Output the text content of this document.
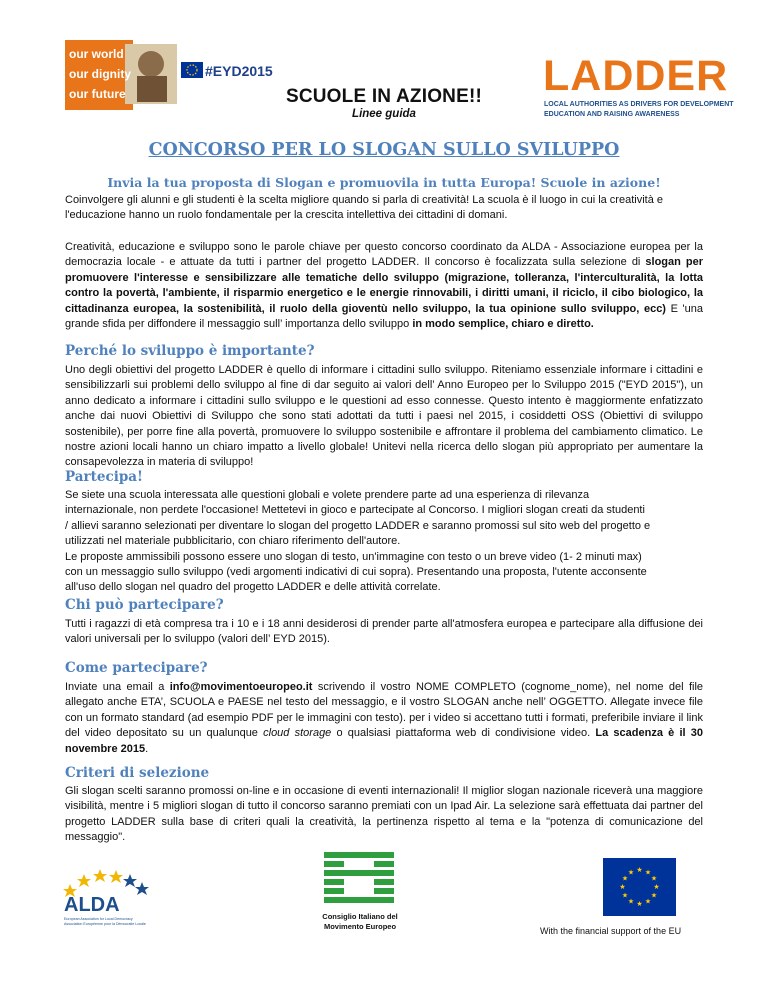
our world
our dignity
our future
#EYD2015	LADDER
LOCAL AUTHORITIES AS DRIVERS FOR DEVELOPMENT
EDUCATION AND RAISING AWARENESS
SCUOLE IN AZIONE!!
Linee guida
CONCORSO PER LO SLOGAN SULLO SVILUPPO
Invia la tua proposta di Slogan e promuovila in tutta Europa! Scuole in azione!
Coinvolgere gli alunni e gli studenti è la scelta migliore quando si parla di creatività! La scuola è il luogo in cui la creatività e l'educazione hanno un ruolo fondamentale per la crescita intellettiva dei cittadini di domani.
Creatività, educazione e sviluppo sono le parole chiave per questo concorso coordinato da ALDA - Associazione europea per la democrazia locale - e attuate da tutti i partner del progetto LADDER. Il concorso è focalizzata sulla selezione di slogan per promuovere l'interesse e sensibilizzare alle tematiche dello sviluppo (migrazione, tolleranza, l'interculturalità, la lotta contro la povertà, l'ambiente, il risparmio energetico e le energie rinnovabili, i diritti umani, il riciclo, il cibo biologico, la cittadinanza europea, la sostenibilità, il ruolo della gioventù nello sviluppo, la tua opinione sullo sviluppo, ecc) E 'una grande sfida per diffondere il messaggio sull’ importanza dello sviluppo in modo semplice, chiaro e diretto.
Perché lo sviluppo è importante?
Uno degli obiettivi del progetto LADDER è quello di informare i cittadini sullo sviluppo. Riteniamo essenziale informare i cittadini e sensibilizzarli sui problemi dello sviluppo al fine di dar seguito ai valori dell’ Anno Europeo per lo Sviluppo 2015 ("EYD 2015"), un anno dedicato a informare i cittadini sullo sviluppo e le questioni ad esso connesse. Questo intento è maggiormente enfatizzato anche dai nuovi Obiettivi di Sviluppo che sono stati adottati da tutti i paesi nel 2015, i cosiddetti OSS (Obiettivi di sviluppo sostenibile), per porre fine alla povertà, promuovere lo sviluppo sostenibile e affrontare il problema del cambiamento climatico. Le nostre azioni locali hanno un chiaro impatto a livello globale! Unitevi nella ricerca dello slogan più appropriato per aumentare la consapevolezza in materia di sviluppo!
Partecipa!
Se siete una scuola interessata alle questioni globali e volete prendere parte ad una esperienza di rilevanza
internazionale, non perdete l'occasione! Mettetevi in gioco e partecipate al Concorso. I migliori slogan creati da studenti
/ allievi saranno selezionati per diventare lo slogan del progetto LADDER e saranno promossi sul sito web del progetto e
utilizzati nel materiale pubblicitario, con chiaro riferimento dell'autore.
Le proposte ammissibili possono essere uno slogan di testo, un'immagine con testo o un breve video (1- 2 minuti max)
con un messaggio sullo sviluppo (vedi argomenti indicativi di cui sopra). Presentando una proposta, l'utente acconsente
all'uso dello slogan nel quadro del progetto LADDER e delle attività correlate.
Chi può partecipare?
Tutti i ragazzi di età compresa tra i 10 e i 18 anni desiderosi di prender parte all'atmosfera europea e partecipare alla diffusione dei valori universali per lo sviluppo (valori dell’ EYD 2015).
Come partecipare?
Inviate una email a info@movimentoeuropeo.it scrivendo il vostro NOME COMPLETO (cognome_nome), nel nome del file allegato anche ETA’, SCUOLA e PAESE nel testo del messaggio, e il vostro SLOGAN anche nell’ OGGETTO. Allegate invece file con un formato standard (ad esempio PDF per le immagini con testo). per i video si accettano tutti i formati, preferibile inviare il link del video depositato su un qualunque cloud storage o qualsiasi piattaforma web di condivisione video. La scadenza è il 30 novembre 2015.
Criteri di selezione
Gli slogan scelti saranno promossi on-line e in occasione di eventi internazionali! Il miglior slogan nazionale riceverà una maggiore visibilità, mentre i 5 migliori slogan di tutto il concorso saranno premiati con un Ipad Air. La selezione sarà effettuata dai partner del progetto LADDER sulla base di criteri quali la creatività, la pertinenza rispetto al tema e la "potenza di comunicazione del messaggio".
ALDA
European Association for Local Democracy
Association Européenne pour la Démocratie Locale
Consiglio Italiano del
Movimento Europeo
★ ★
★
★
★
★
★
★
★
★
★
★
With the financial support of the EU
